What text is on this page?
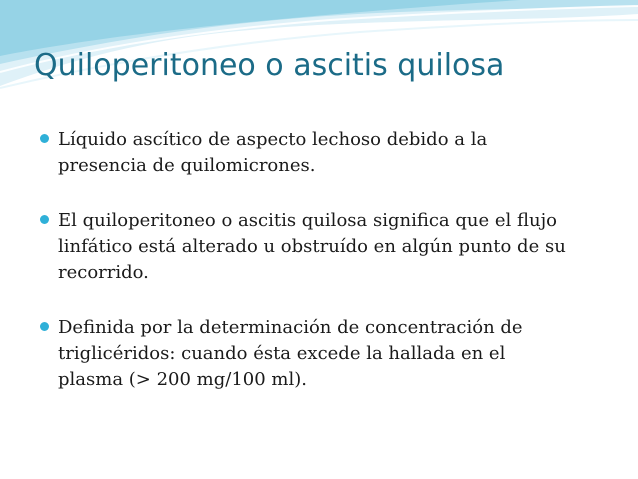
Quiloperitoneo o ascitis quilosa
Líquido ascítico de aspecto lechoso debido a la
presencia de quilomicrones.
El quiloperitoneo o ascitis quilosa significa que el flujo
linfático está alterado u obstruído en algún punto de su
recorrido.
Definida por la determinación de concentración de
triglicéridos: cuando ésta excede la hallada en el
plasma (> 200 mg/100 ml).
